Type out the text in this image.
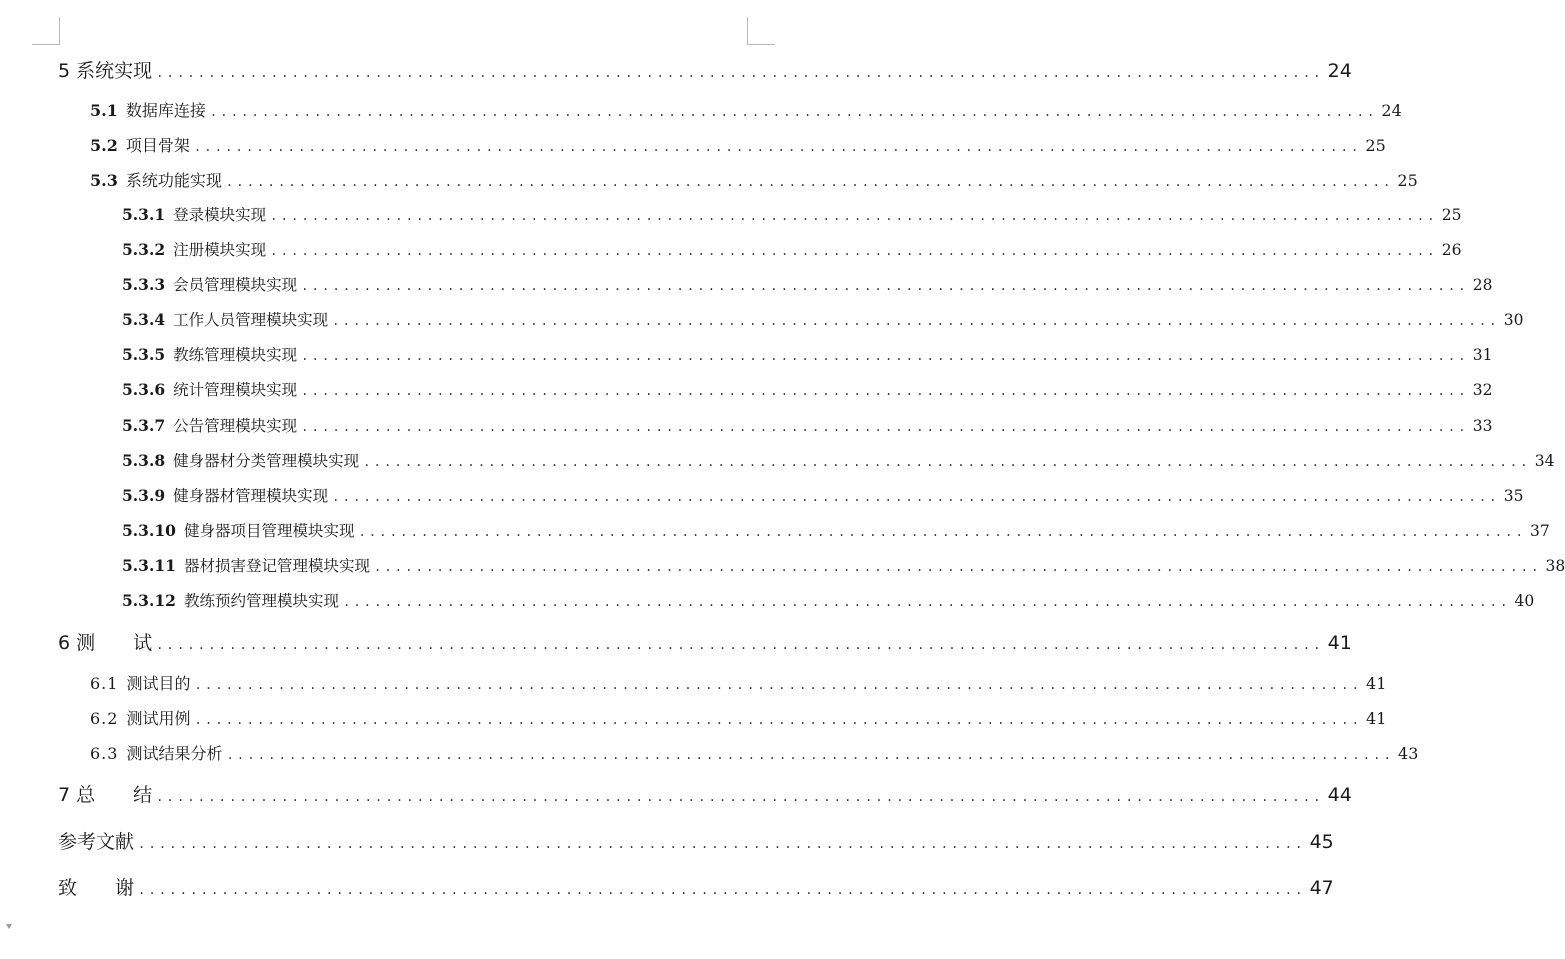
5 系统实现 ................................................................................................................ 24
5.1 数据库连接 ................................................................................................................ 24
5.2 项目骨架 ................................................................................................................ 25
5.3 系统功能实现 ................................................................................................................ 25
5.3.1 登录模块实现 ................................................................................................................ 25
5.3.2 注册模块实现 ................................................................................................................ 26
5.3.3 会员管理模块实现 ................................................................................................................ 28
5.3.4 工作人员管理模块实现 ................................................................................................................ 30
5.3.5 教练管理模块实现 ................................................................................................................ 31
5.3.6 统计管理模块实现 ................................................................................................................ 32
5.3.7 公告管理模块实现 ................................................................................................................ 33
5.3.8 健身器材分类管理模块实现 ................................................................................................................ 34
5.3.9 健身器材管理模块实现 ................................................................................................................ 35
5.3.10 健身器项目管理模块实现 ................................................................................................................ 37
5.3.11 器材损害登记管理模块实现 ................................................................................................................ 38
5.3.12 教练预约管理模块实现 ................................................................................................................ 40
6 测　　试 ................................................................................................................ 41
6.1 测试目的 ................................................................................................................ 41
6.2 测试用例 ................................................................................................................ 41
6.3 测试结果分析 ................................................................................................................ 43
7 总　　结 ................................................................................................................ 44
参考文献 ................................................................................................................ 45
致　　谢 ................................................................................................................ 47
